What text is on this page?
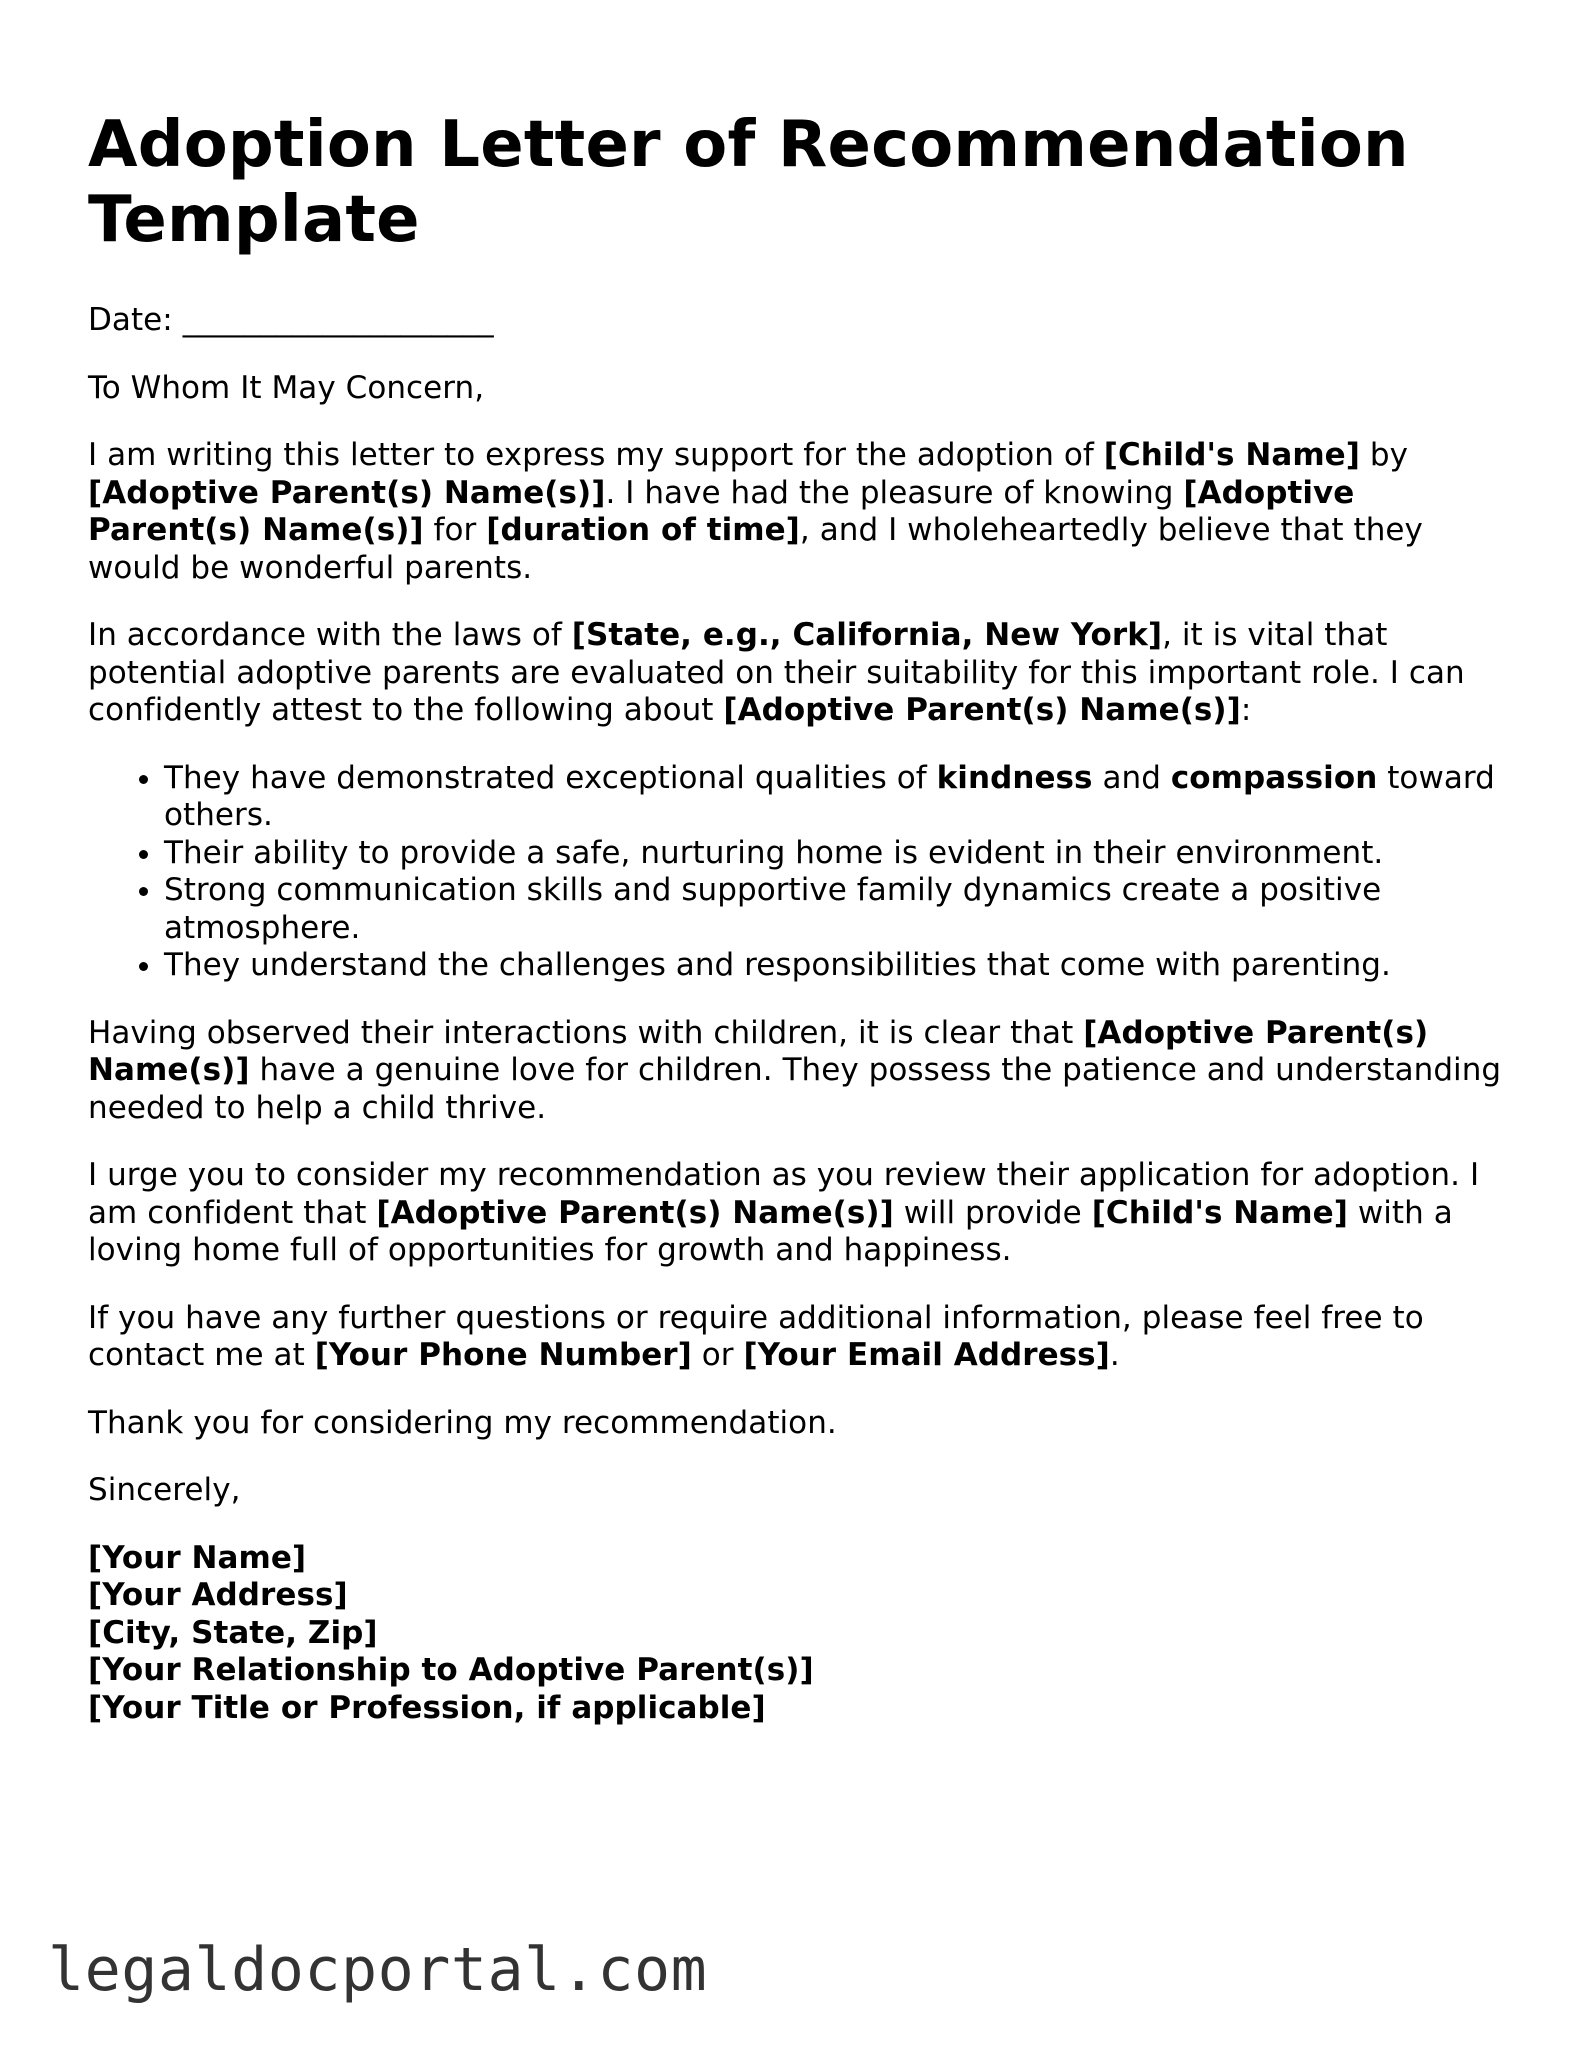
Adoption Letter of Recommendation Template

Date: ____________________

To Whom It May Concern,

I am writing this letter to express my support for the adoption of [Child's Name] by [Adoptive Parent(s) Name(s)]. I have had the pleasure of knowing [Adoptive Parent(s) Name(s)] for [duration of time], and I wholeheartedly believe that they would be wonderful parents.

In accordance with the laws of [State, e.g., California, New York], it is vital that potential adoptive parents are evaluated on their suitability for this important role. I can confidently attest to the following about [Adoptive Parent(s) Name(s)]:

• They have demonstrated exceptional qualities of kindness and compassion toward others.
• Their ability to provide a safe, nurturing home is evident in their environment.
• Strong communication skills and supportive family dynamics create a positive atmosphere.
• They understand the challenges and responsibilities that come with parenting.

Having observed their interactions with children, it is clear that [Adoptive Parent(s) Name(s)] have a genuine love for children. They possess the patience and understanding needed to help a child thrive.

I urge you to consider my recommendation as you review their application for adoption. I am confident that [Adoptive Parent(s) Name(s)] will provide [Child's Name] with a loving home full of opportunities for growth and happiness.

If you have any further questions or require additional information, please feel free to contact me at [Your Phone Number] or [Your Email Address].

Thank you for considering my recommendation.

Sincerely,

[Your Name]
[Your Address]
[City, State, Zip]
[Your Relationship to Adoptive Parent(s)]
[Your Title or Profession, if applicable]
legaldocportal.com
